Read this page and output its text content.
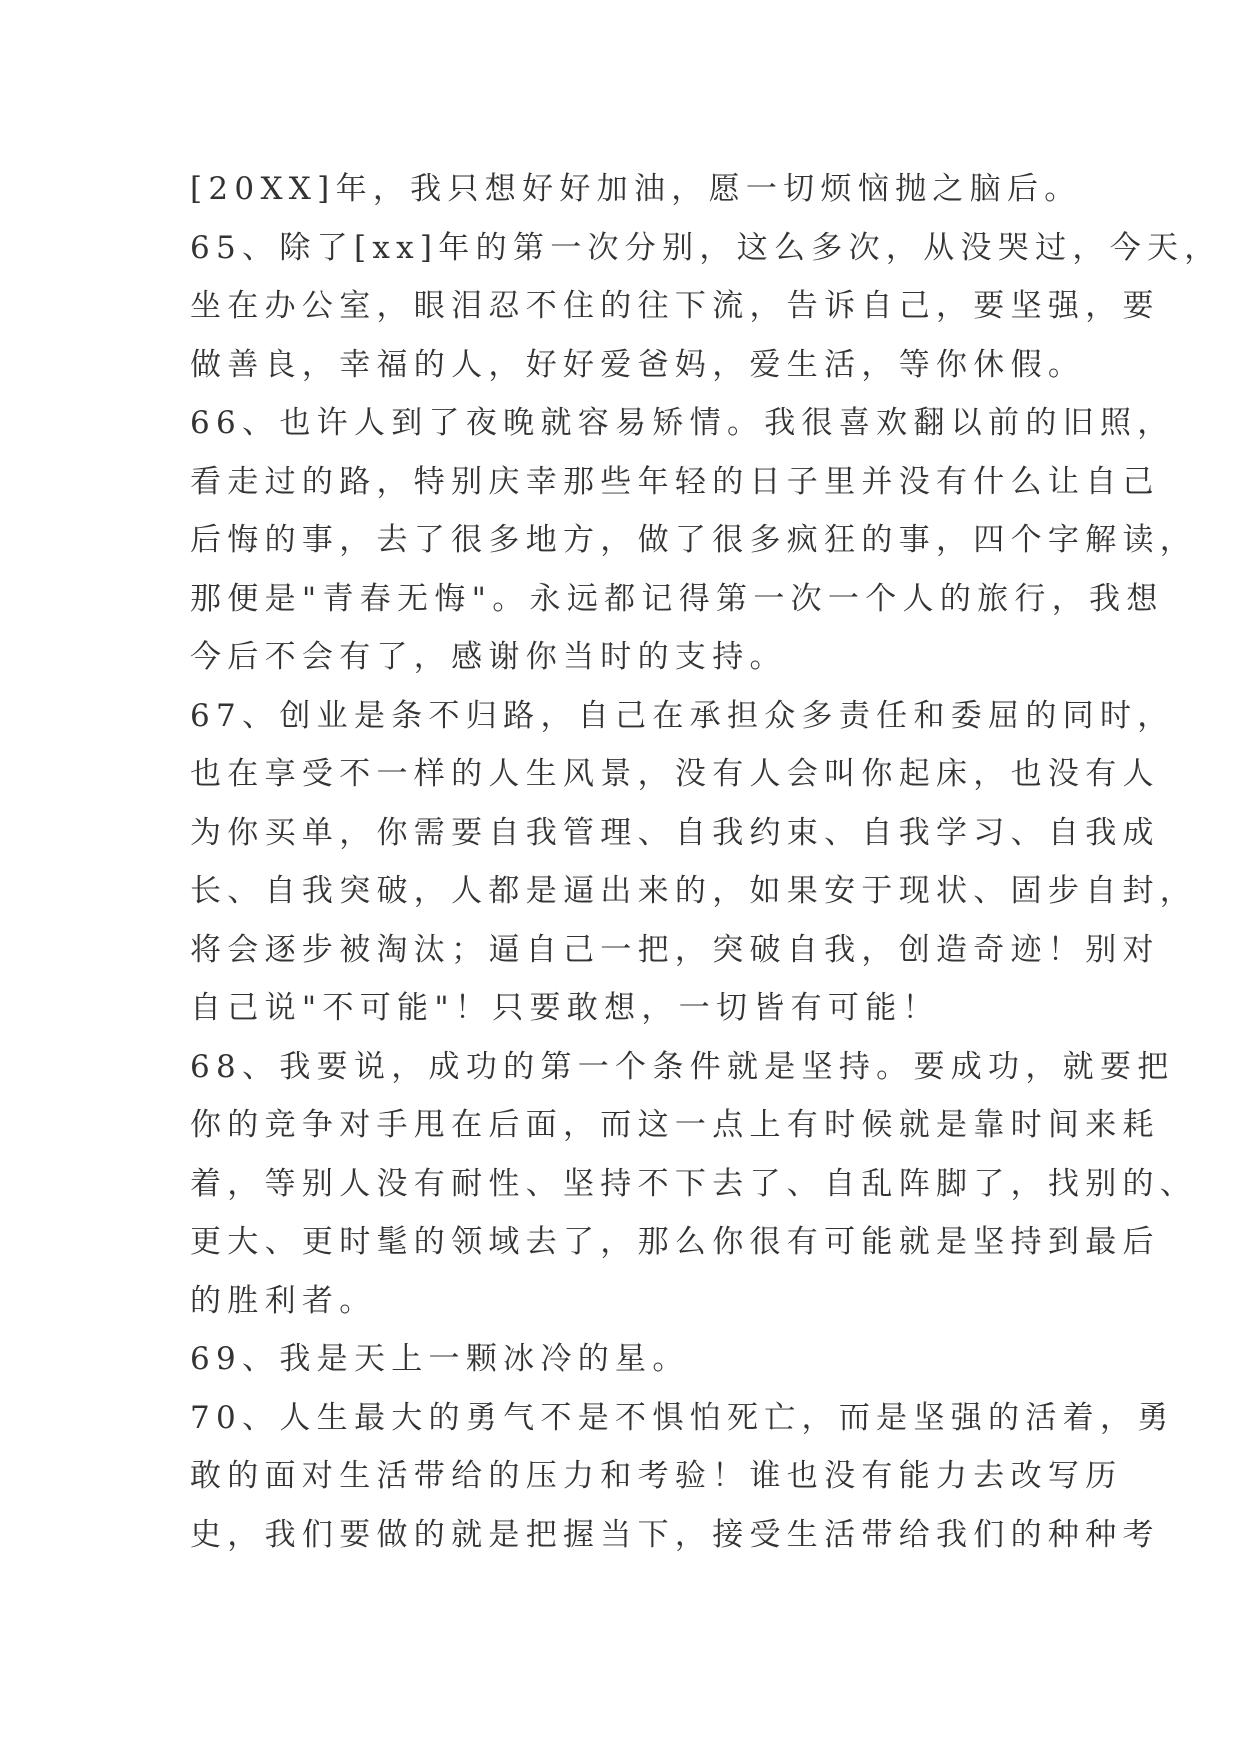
[20XX]年，我只想好好加油，愿一切烦恼抛之脑后。
65、除了[xx]年的第一次分别，这么多次，从没哭过，今天，
坐在办公室，眼泪忍不住的往下流，告诉自己，要坚强，要
做善良，幸福的人，好好爱爸妈，爱生活，等你休假。
66、也许人到了夜晚就容易矫情。我很喜欢翻以前的旧照，
看走过的路，特别庆幸那些年轻的日子里并没有什么让自己
后悔的事，去了很多地方，做了很多疯狂的事，四个字解读，
那便是"青春无悔"。永远都记得第一次一个人的旅行，我想
今后不会有了，感谢你当时的支持。
67、创业是条不归路，自己在承担众多责任和委屈的同时，
也在享受不一样的人生风景，没有人会叫你起床，也没有人
为你买单，你需要自我管理、自我约束、自我学习、自我成
长、自我突破，人都是逼出来的，如果安于现状、固步自封，
将会逐步被淘汰；逼自己一把，突破自我，创造奇迹！别对
自己说"不可能"！只要敢想，一切皆有可能！
68、我要说，成功的第一个条件就是坚持。要成功，就要把
你的竞争对手甩在后面，而这一点上有时候就是靠时间来耗
着，等别人没有耐性、坚持不下去了、自乱阵脚了，找别的、
更大、更时髦的领域去了，那么你很有可能就是坚持到最后
的胜利者。
69、我是天上一颗冰冷的星。
70、人生最大的勇气不是不惧怕死亡，而是坚强的活着，勇
敢的面对生活带给的压力和考验！谁也没有能力去改写历
史，我们要做的就是把握当下，接受生活带给我们的种种考
